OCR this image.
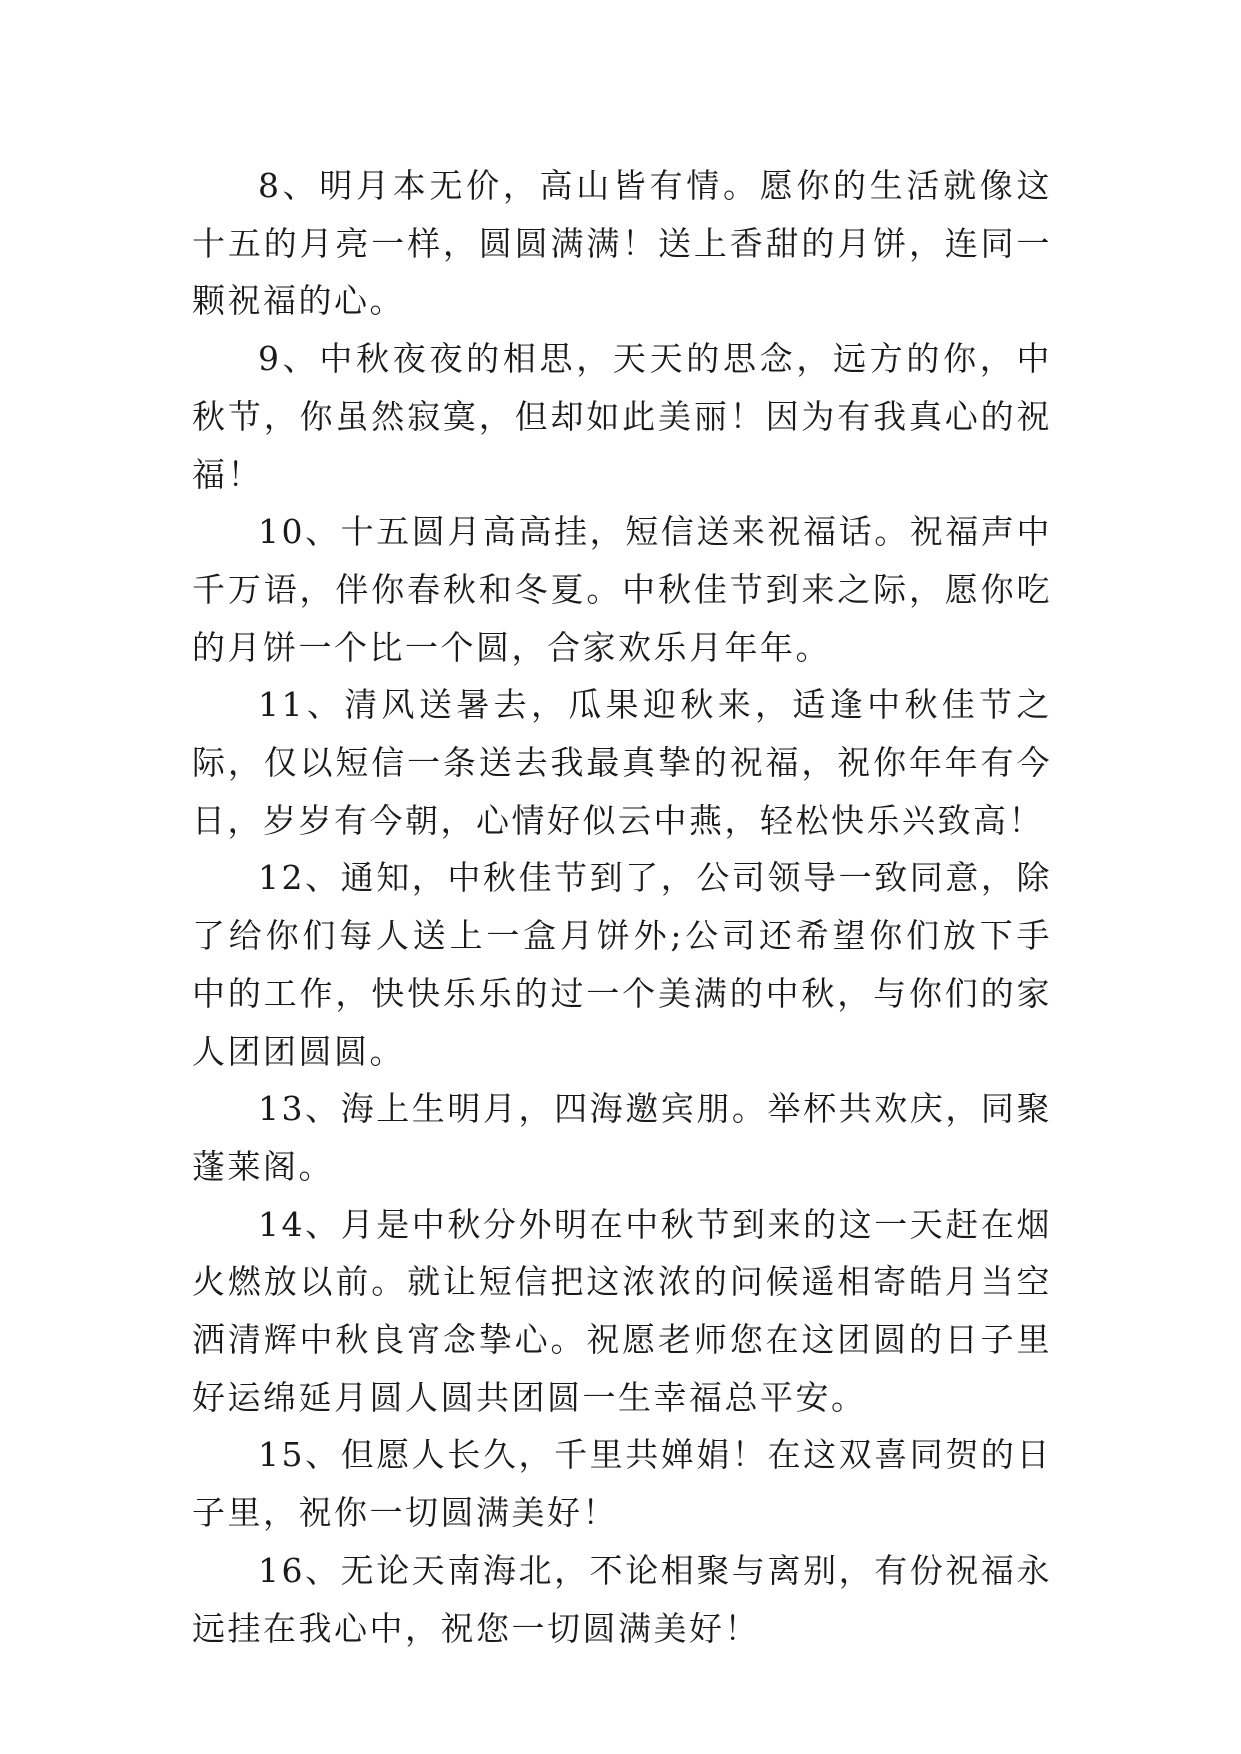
8、明月本无价，高山皆有情。愿你的生活就像这十五的月亮一样，圆圆满满！送上香甜的月饼，连同一颗祝福的心。

9、中秋夜夜的相思，天天的思念，远方的你，中秋节，你虽然寂寞，但却如此美丽！因为有我真心的祝福！

10、十五圆月高高挂，短信送来祝福话。祝福声中千万语，伴你春秋和冬夏。中秋佳节到来之际，愿你吃的月饼一个比一个圆，合家欢乐月年年。

11、清风送暑去，瓜果迎秋来，适逢中秋佳节之际，仅以短信一条送去我最真挚的祝福，祝你年年有今日，岁岁有今朝，心情好似云中燕，轻松快乐兴致高！

12、通知，中秋佳节到了，公司领导一致同意，除了给你们每人送上一盒月饼外;公司还希望你们放下手中的工作，快快乐乐的过一个美满的中秋，与你们的家人团团圆圆。

13、海上生明月，四海邀宾朋。举杯共欢庆，同聚蓬莱阁。

14、月是中秋分外明在中秋节到来的这一天赶在烟火燃放以前。就让短信把这浓浓的问候遥相寄皓月当空洒清辉中秋良宵念挚心。祝愿老师您在这团圆的日子里好运绵延月圆人圆共团圆一生幸福总平安。

15、但愿人长久，千里共婵娟！在这双喜同贺的日子里，祝你一切圆满美好！

16、无论天南海北，不论相聚与离别，有份祝福永远挂在我心中，祝您一切圆满美好！
